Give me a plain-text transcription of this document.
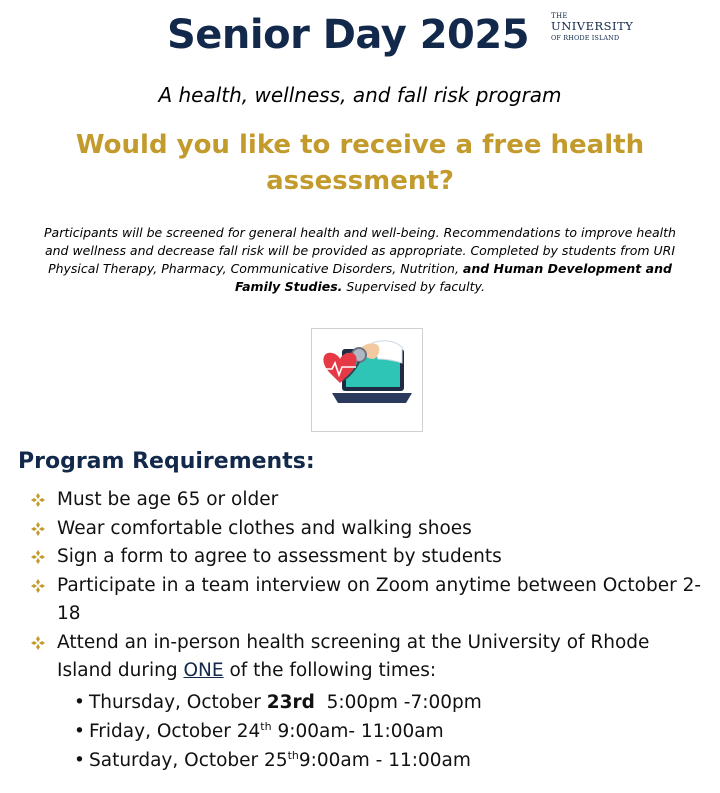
Senior Day 2025	THE
UNIVERSITY
OF RHODE ISLAND
A health, wellness, and fall risk program
Would you like to receive a free health assessment?
Participants will be screened for general health and well-being. Recommendations to improve health and wellness and decrease fall risk will be provided as appropriate. Completed by students from URI Physical Therapy, Pharmacy, Communicative Disorders, Nutrition, and Human Development and Family Studies. Supervised by faculty.
Program Requirements:
Must be age 65 or older
Wear comfortable clothes and walking shoes
Sign a form to agree to assessment by students
Participate in a team interview on Zoom anytime between October 2- 18
Attend an in-person health screening at the University of Rhode Island during ONE of the following times:
• Thursday, October 23rd  5:00pm -7:00pm
• Friday, October 24th 9:00am- 11:00am
• Saturday, October 25th9:00am - 11:00am
